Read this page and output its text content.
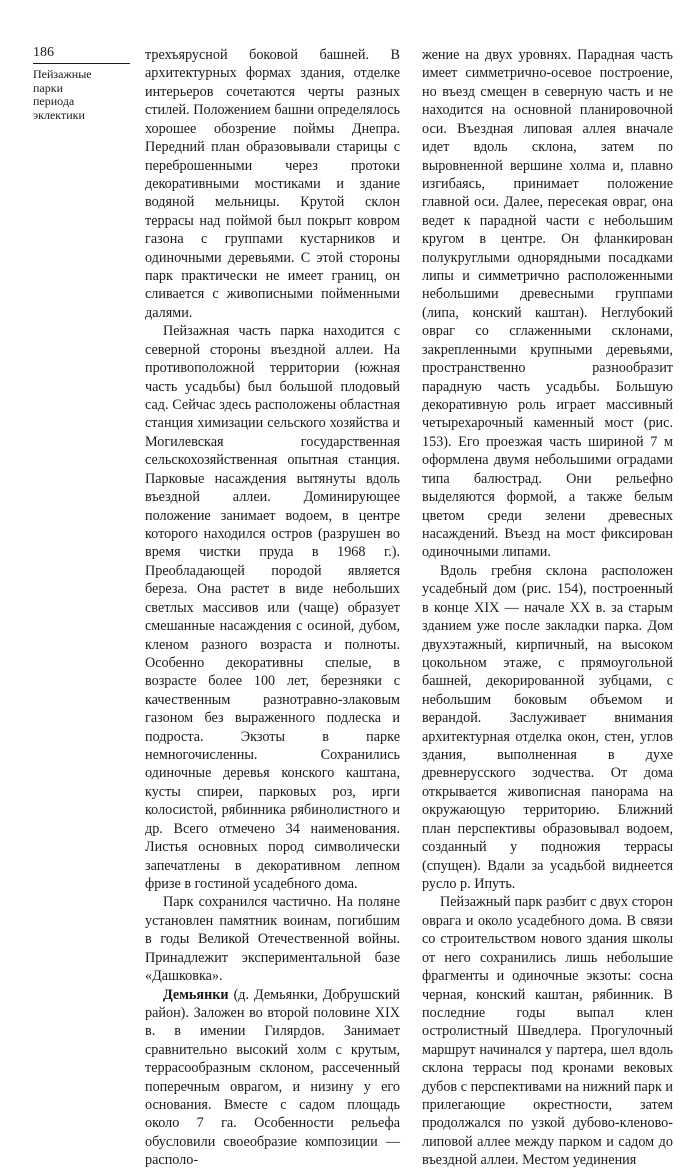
186
Пейзажные
парки
периода
эклектики

трехъярусной боковой башней. В архитектурных формах здания, отделке интерьеров сочетаются черты разных стилей. Положением башни определялось хорошее обозрение поймы Днепра. Передний план образовывали старицы с переброшенными через протоки декоративными мостиками и здание водяной мельницы. Крутой склон террасы над поймой был покрыт ковром газона с группами кустарников и одиночными деревьями. С этой стороны парк практически не имеет границ, он сливается с живописными пойменными далями.

Пейзажная часть парка находится с северной стороны въездной аллеи. На противоположной территории (южная часть усадьбы) был большой плодовый сад. Сейчас здесь расположены областная станция химизации сельского хозяйства и Могилевская государственная сельскохозяйственная опытная станция. Парковые насаждения вытянуты вдоль въездной аллеи. Доминирующее положение занимает водоем, в центре которого находился остров (разрушен во время чистки пруда в 1968 г.). Преобладающей породой является береза. Она растет в виде небольших светлых массивов или (чаще) образует смешанные насаждения с осиной, дубом, кленом разного возраста и полноты. Особенно декоративны спелые, в возрасте более 100 лет, березняки с качественным разнотравно-злаковым газоном без выраженного подлеска и подроста. Экзоты в парке немногочисленны. Сохранились одиночные деревья конского каштана, кусты спиреи, парковых роз, ирги колосистой, рябинника рябинолистного и др. Всего отмечено 34 наименования. Листья основных пород символически запечатлены в декоративном лепном фризе в гостиной усадебного дома.

Парк сохранился частично. На поляне установлен памятник воинам, погибшим в годы Великой Отечественной войны. Принадлежит экспериментальной базе «Дашковка».

Демьянки (д. Демьянки, Добрушский район). Заложен во второй половине XIX в. в имении Гилярдов. Занимает сравнительно высокий холм с крутым, террасообразным склоном, рассеченный поперечным оврагом, и низину у его основания. Вместе с садом площадь около 7 га. Особенности рельефа обусловили своеобразие композиции — располо-

жение на двух уровнях. Парадная часть имеет симметрично-осевое построение, но въезд смещен в северную часть и не находится на основной планировочной оси. Въездная липовая аллея вначале идет вдоль склона, затем по выровненной вершине холма и, плавно изгибаясь, принимает положение главной оси. Далее, пересекая овраг, она ведет к парадной части с небольшим кругом в центре. Он фланкирован полукруглыми однорядными посадками липы и симметрично расположенными небольшими древесными группами (липа, конский каштан). Неглубокий овраг со сглаженными склонами, закрепленными крупными деревьями, пространственно разнообразит парадную часть усадьбы. Большую декоративную роль играет массивный четырехарочный каменный мост (рис. 153). Его проезжая часть шириной 7 м оформлена двумя небольшими оградами типа балюстрад. Они рельефно выделяются формой, а также белым цветом среди зелени древесных насаждений. Въезд на мост фиксирован одиночными липами.

Вдоль гребня склона расположен усадебный дом (рис. 154), построенный в конце XIX — начале XX в. за старым зданием уже после закладки парка. Дом двухэтажный, кирпичный, на высоком цокольном этаже, с прямоугольной башней, декорированной зубцами, с небольшим боковым объемом и верандой. Заслуживает внимания архитектурная отделка окон, стен, углов здания, выполненная в духе древнерусского зодчества. От дома открывается живописная панорама на окружающую территорию. Ближний план перспективы образовывал водоем, созданный у подножия террасы (спущен). Вдали за усадьбой виднеется русло р. Ипуть.

Пейзажный парк разбит с двух сторон оврага и около усадебного дома. В связи со строительством нового здания школы от него сохранились лишь небольшие фрагменты и одиночные экзоты: сосна черная, конский каштан, рябинник. В последние годы выпал клен остролистный Шведлера. Прогулочный маршрут начинался у партера, шел вдоль склона террасы под кронами вековых дубов с перспективами на нижний парк и прилегающие окрестности, затем продолжался по узкой дубово-кленово-липовой аллее между парком и садом до въездной аллеи. Местом уединения
